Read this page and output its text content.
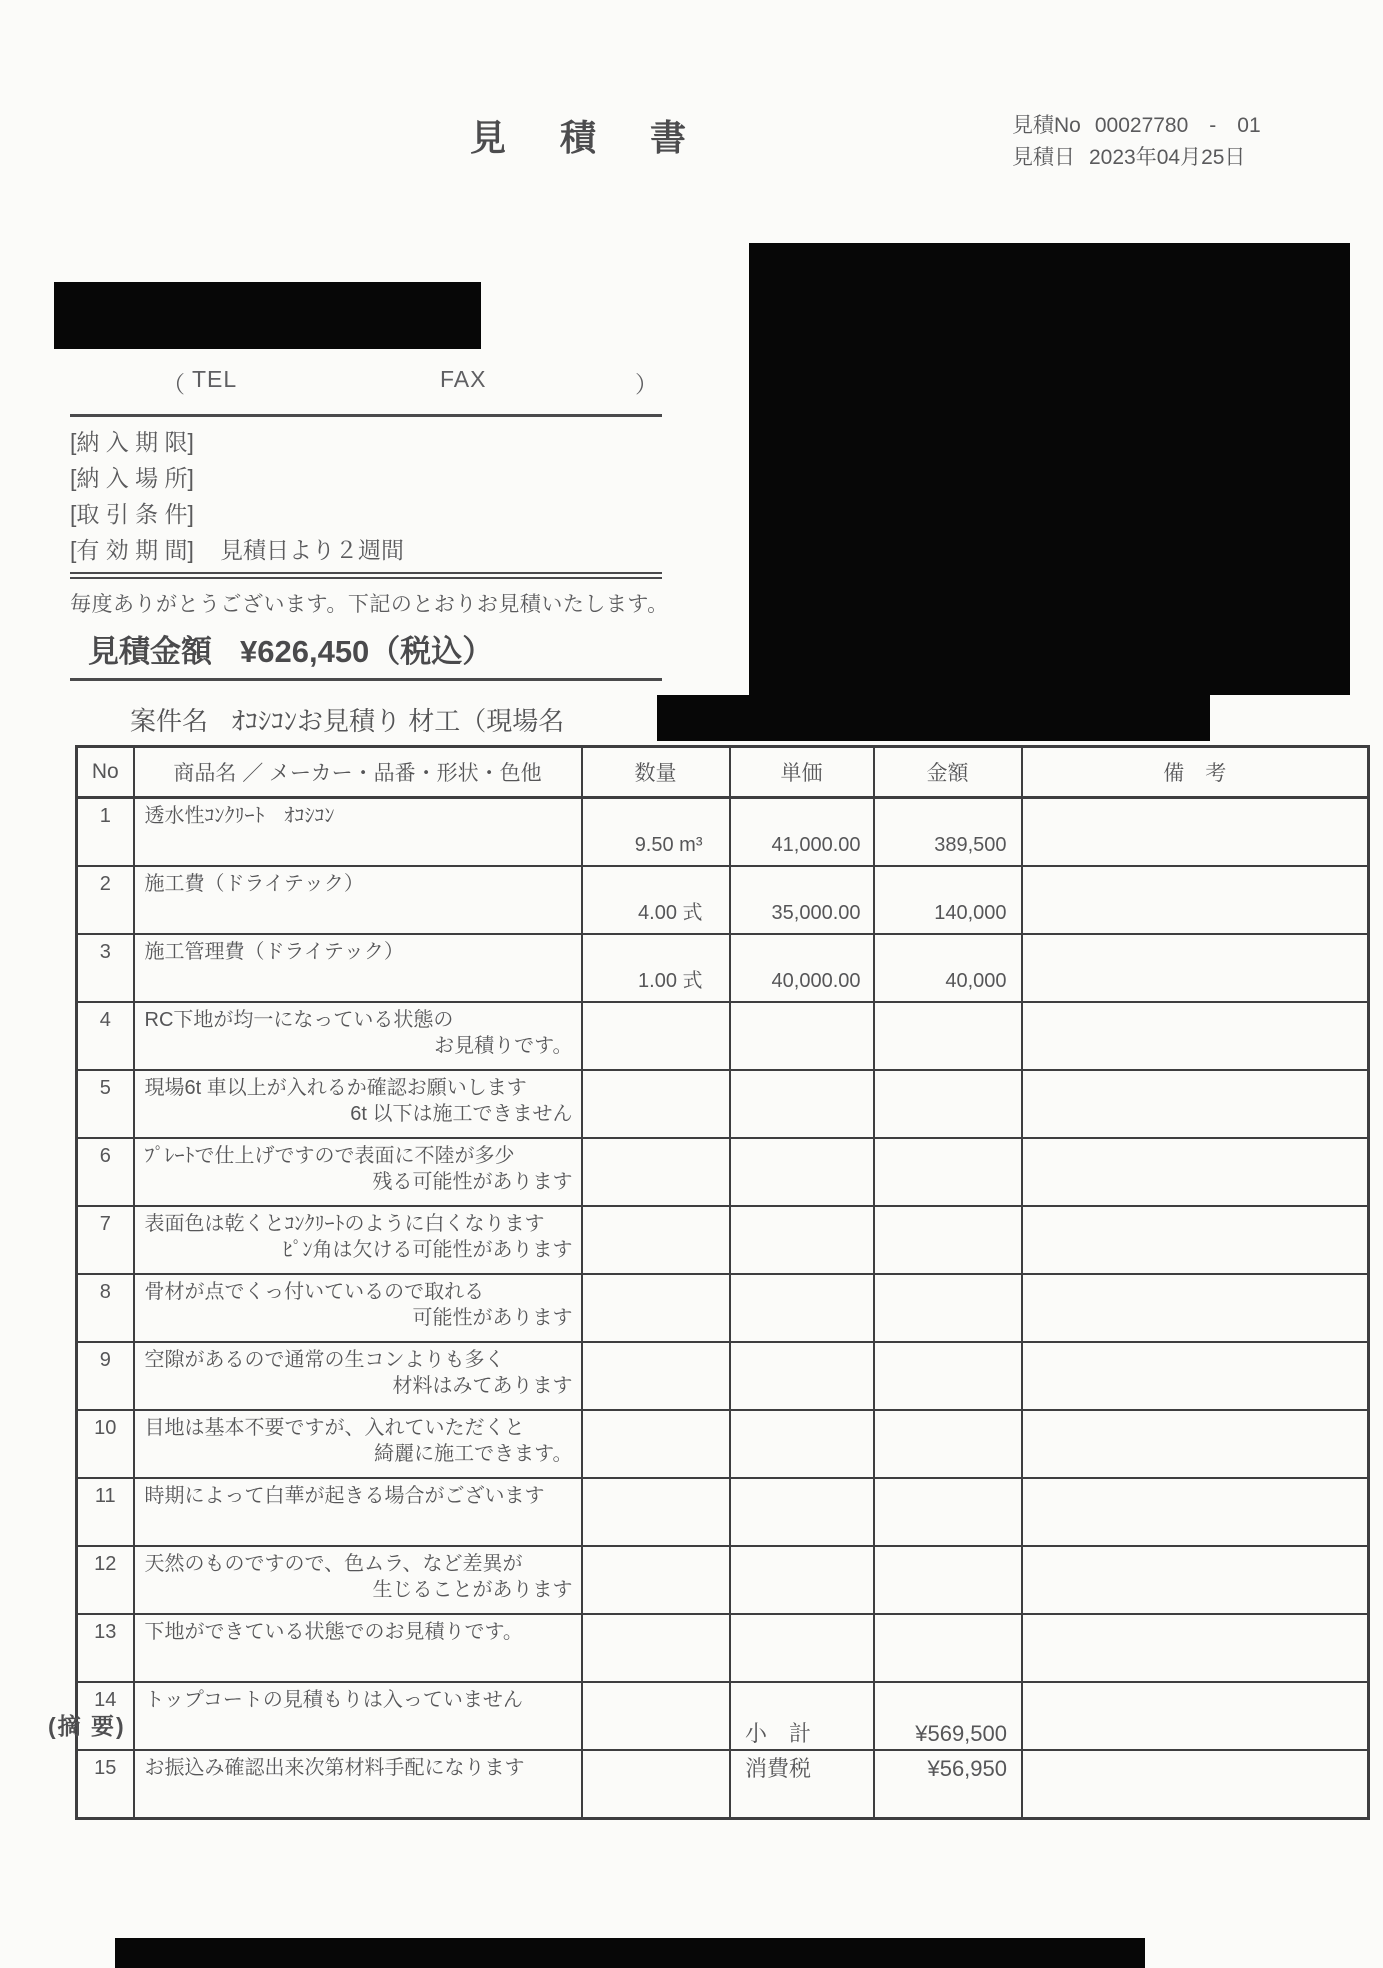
見 積 書	見積No 00027780　-　01
見積日 2023年04月25日
（ TEL	FAX	）
[納 入 期 限]
[納 入 場 所]
[取 引 条 件]
[有 効 期 間] 見積日より２週間
毎度ありがとうございます。下記のとおりお見積いたします。
見積金額 ¥626,450（税込）
案件名 ｵｺｼｺﾝお見積り 材工（現場名
No	商品名 ／ メーカー・品番・形状・色他	数量	単価	金額	備　考
1	透水性ｺﾝｸﾘｰﾄ　ｵｺｼｺﾝ	9.50 m³	41,000.00	389,500	
2	施工費（ドライテック）	4.00 式	35,000.00	140,000	
3	施工管理費（ドライテック）	1.00 式	40,000.00	40,000	
4	RC下地が均一になっている状態の
お見積りです。				

5	現場6t 車以上が入れるか確認お願いします
6t 以下は施工できません				

6	ﾌﾟﾚｰﾄで仕上げですので表面に不陸が多少
残る可能性があります				

7	表面色は乾くとｺﾝｸﾘｰﾄのように白くなります
ﾋﾟﾝ角は欠ける可能性があります				

8	骨材が点でくっ付いているので取れる
可能性があります				

9	空隙があるので通常の生コンよりも多く
材料はみてあります				

10	目地は基本不要ですが、入れていただくと
綺麗に施工できます。				

11	時期によって白華が起きる場合がございます				

12	天然のものですので、色ムラ、など差異が
生じることがあります				

13	下地ができている状態でのお見積りです。				

14	トップコートの見積もりは入っていません				

15	お振込み確認出来次第材料手配になります				

(摘 要)	小　計	¥569,500
消費税	¥56,950
